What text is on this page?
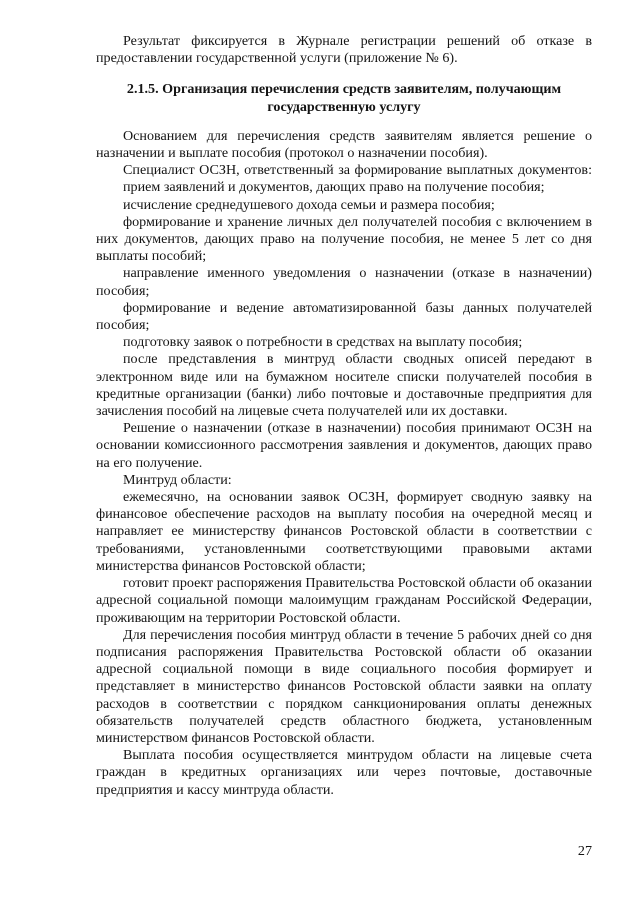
Результат фиксируется в Журнале регистрации решений об отказе в предоставлении государственной услуги (приложение № 6).

2.1.5. Организация перечисления средств заявителям, получающим государственную услугу

Основанием для перечисления средств заявителям является решение о назначении и выплате пособия (протокол о назначении пособия).

Специалист ОСЗН, ответственный за формирование выплатных документов:

прием заявлений и документов, дающих право на получение пособия;

исчисление среднедушевого дохода семьи и размера пособия;

формирование и хранение личных дел получателей пособия с включением в них документов, дающих право на получение пособия, не менее 5 лет со дня выплаты пособий;

направление именного уведомления о назначении (отказе в назначении) пособия;

формирование и ведение автоматизированной базы данных получателей пособия;

подготовку заявок о потребности в средствах на выплату пособия;

после представления в минтруд области сводных описей передают в электронном виде или на бумажном носителе списки получателей пособия в кредитные организации (банки) либо почтовые и доставочные предприятия для зачисления пособий на лицевые счета получателей или их доставки.

Решение о назначении (отказе в назначении) пособия принимают ОСЗН на основании комиссионного рассмотрения заявления и документов, дающих право на его получение.

Минтруд области:

ежемесячно, на основании заявок ОСЗН, формирует сводную заявку на финансовое обеспечение расходов на выплату пособия на очередной месяц и направляет ее министерству финансов Ростовской области в соответствии с требованиями, установленными соответствующими правовыми актами министерства финансов Ростовской области;

готовит проект распоряжения Правительства Ростовской области об оказании адресной социальной помощи малоимущим гражданам Российской Федерации, проживающим на территории Ростовской области.

Для перечисления пособия минтруд области в течение 5 рабочих дней со дня подписания распоряжения Правительства Ростовской области об оказании адресной социальной помощи в виде социального пособия формирует и представляет в министерство финансов Ростовской области заявки на оплату расходов в соответствии с порядком санкционирования оплаты денежных обязательств получателей средств областного бюджета, установленным министерством финансов Ростовской области.

Выплата пособия осуществляется минтрудом области на лицевые счета граждан в кредитных организациях или через почтовые, доставочные предприятия и кассу минтруда области.

27
